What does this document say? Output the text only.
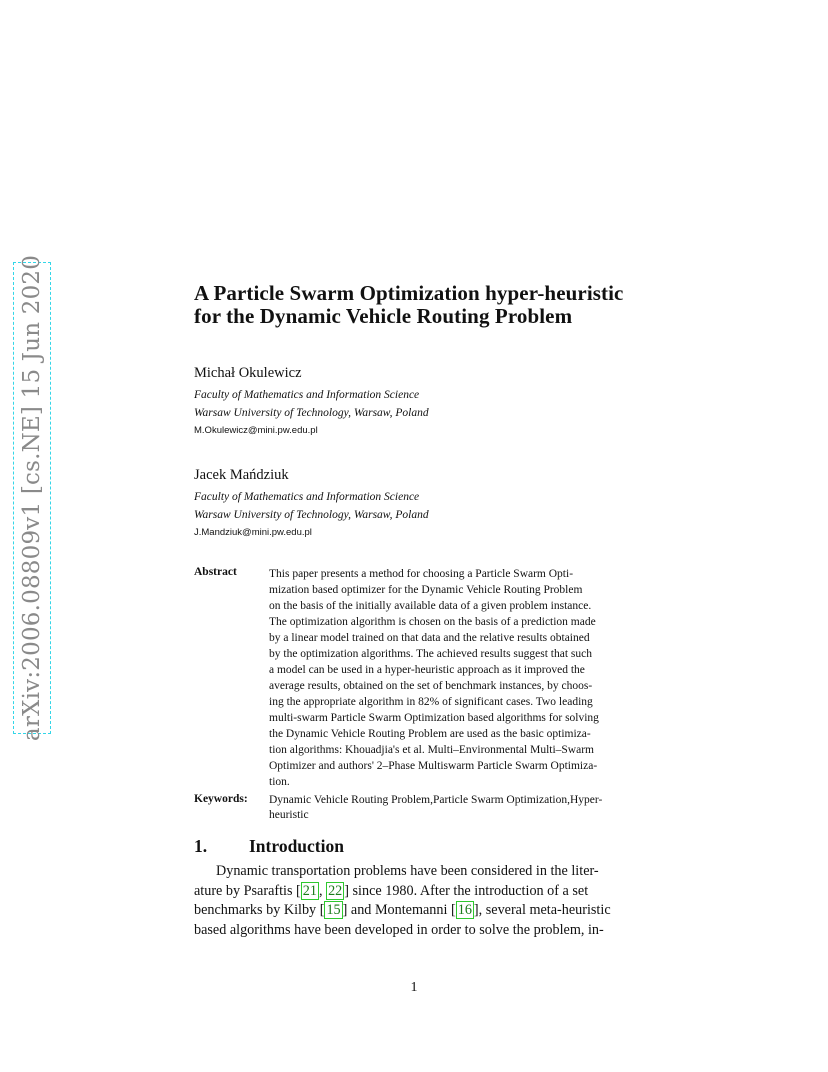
arXiv:2006.08809v1 [cs.NE] 15 Jun 2020	A Particle Swarm Optimization hyper-heuristic
for the Dynamic Vehicle Routing Problem
Michał Okulewicz
Faculty of Mathematics and Information Science
Warsaw University of Technology, Warsaw, Poland
M.Okulewicz@mini.pw.edu.pl
Jacek Mańdziuk
Faculty of Mathematics and Information Science
Warsaw University of Technology, Warsaw, Poland
J.Mandziuk@mini.pw.edu.pl
Abstract	This paper presents a method for choosing a Particle Swarm Opti-
mization based optimizer for the Dynamic Vehicle Routing Problem
on the basis of the initially available data of a given problem instance.
The optimization algorithm is chosen on the basis of a prediction made
by a linear model trained on that data and the relative results obtained
by the optimization algorithms. The achieved results suggest that such
a model can be used in a hyper-heuristic approach as it improved the
average results, obtained on the set of benchmark instances, by choos-
ing the appropriate algorithm in 82% of significant cases. Two leading
multi-swarm Particle Swarm Optimization based algorithms for solving
the Dynamic Vehicle Routing Problem are used as the basic optimiza-
tion algorithms: Khouadjia's et al. Multi–Environmental Multi–Swarm
Optimizer and authors' 2–Phase Multiswarm Particle Swarm Optimiza-
tion.
Keywords: Dynamic Vehicle Routing Problem,Particle Swarm Optimization,Hyper-
heuristic
1. Introduction
Dynamic transportation problems have been considered in the liter-
ature by Psaraftis [ 21 , 22 ] since 1980. After the introduction of a set
benchmarks by Kilby [ 15 ] and Montemanni [ 16 ], several meta-heuristic
based algorithms have been developed in order to solve the problem, in-
1
